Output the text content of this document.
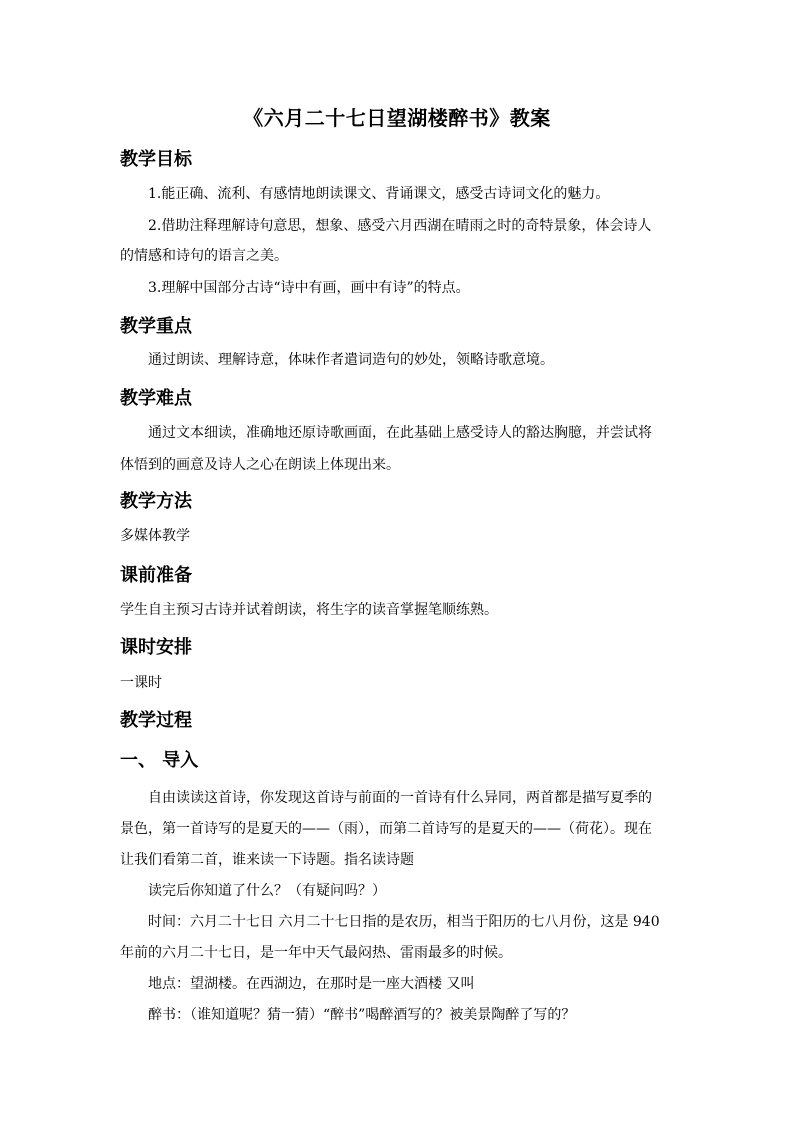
《六月二十七日望湖楼醉书》教案
教学目标
1.能正确、流利、有感情地朗读课文、背诵课文，感受古诗词文化的魅力。
2.借助注释理解诗句意思，想象、感受六月西湖在晴雨之时的奇特景象，体会诗人
的情感和诗句的语言之美。
3.理解中国部分古诗“诗中有画，画中有诗”的特点。
教学重点
通过朗读、理解诗意，体味作者遣词造句的妙处，领略诗歌意境。
教学难点
通过文本细读，准确地还原诗歌画面，在此基础上感受诗人的豁达胸臆，并尝试将
体悟到的画意及诗人之心在朗读上体现出来。
教学方法
多媒体教学
课前准备
学生自主预习古诗并试着朗读，将生字的读音掌握笔顺练熟。
课时安排
一课时
教学过程
一、 导入
自由读读这首诗，你发现这首诗与前面的一首诗有什么异同，两首都是描写夏季的
景色，第一首诗写的是夏天的——（雨），而第二首诗写的是夏天的——（荷花）。现在
让我们看第二首，谁来读一下诗题。指名读诗题
读完后你知道了什么？（有疑问吗？）
时间：六月二十七日 六月二十七日指的是农历，相当于阳历的七八月份，这是 940
年前的六月二十七日，是一年中天气最闷热、雷雨最多的时候。
地点：望湖楼。在西湖边，在那时是一座大酒楼 又叫
醉书：（谁知道呢？猜一猜）“醉书”喝醉酒写的？被美景陶醉了写的？
